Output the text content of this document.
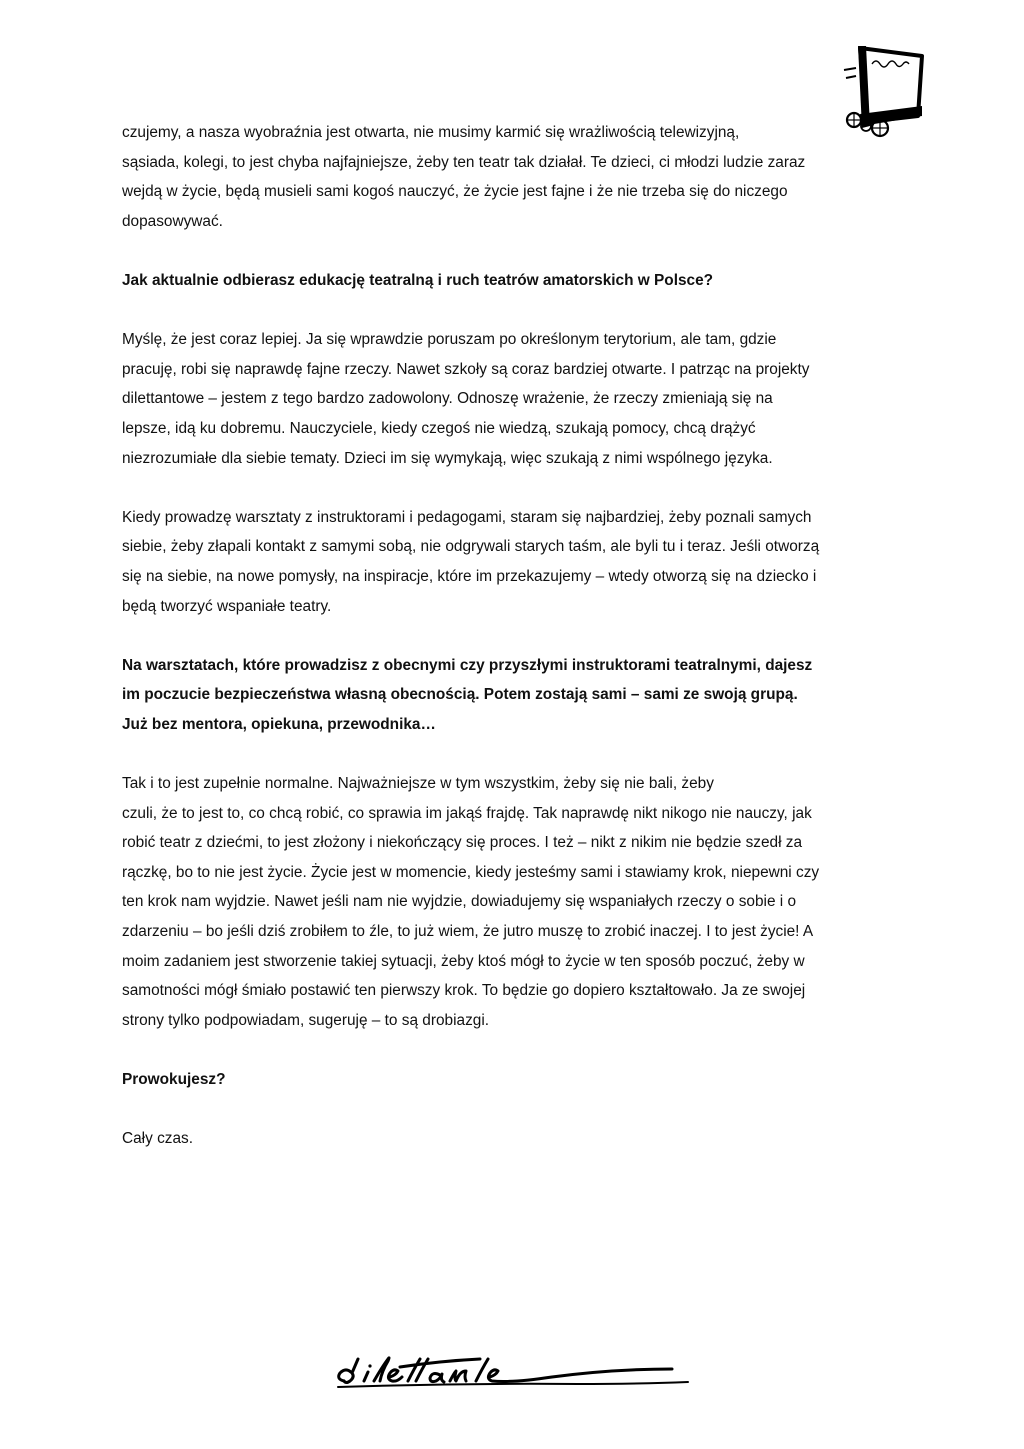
czujemy, a nasza wyobraźnia jest otwarta, nie musimy karmić się wrażliwością telewizyjną,
sąsiada, kolegi, to jest chyba najfajniejsze, żeby ten teatr tak działał. Te dzieci, ci młodzi ludzie zaraz
wejdą w życie, będą musieli sami kogoś nauczyć, że życie jest fajne i że nie trzeba się do niczego
dopasowywać.
Jak aktualnie odbierasz edukację teatralną i ruch teatrów amatorskich w Polsce?
Myślę, że jest coraz lepiej. Ja się wprawdzie poruszam po określonym terytorium, ale tam, gdzie
pracuję, robi się naprawdę fajne rzeczy. Nawet szkoły są coraz bardziej otwarte. I patrząc na projekty
dilettantowe – jestem z tego bardzo zadowolony. Odnoszę wrażenie, że rzeczy zmieniają się na
lepsze, idą ku dobremu. Nauczyciele, kiedy czegoś nie wiedzą, szukają pomocy, chcą drążyć
niezrozumiałe dla siebie tematy. Dzieci im się wymykają, więc szukają z nimi wspólnego języka.
Kiedy prowadzę warsztaty z instruktorami i pedagogami, staram się najbardziej, żeby poznali samych
siebie, żeby złapali kontakt z samymi sobą, nie odgrywali starych taśm, ale byli tu i teraz. Jeśli otworzą
się na siebie, na nowe pomysły, na inspiracje, które im przekazujemy – wtedy otworzą się na dziecko i
będą tworzyć wspaniałe teatry.
Na warsztatach, które prowadzisz z obecnymi czy przyszłymi instruktorami teatralnymi, dajesz
im poczucie bezpieczeństwa własną obecnością. Potem zostają sami – sami ze swoją grupą.
Już bez mentora, opiekuna, przewodnika…
Tak i to jest zupełnie normalne. Najważniejsze w tym wszystkim, żeby się nie bali, żeby
czuli, że to jest to, co chcą robić, co sprawia im jakąś frajdę. Tak naprawdę nikt nikogo nie nauczy, jak
robić teatr z dziećmi, to jest złożony i niekończący się proces. I też – nikt z nikim nie będzie szedł za
rączkę, bo to nie jest życie. Życie jest w momencie, kiedy jesteśmy sami i stawiamy krok, niepewni czy
ten krok nam wyjdzie. Nawet jeśli nam nie wyjdzie, dowiadujemy się wspaniałych rzeczy o sobie i o
zdarzeniu – bo jeśli dziś zrobiłem to źle, to już wiem, że jutro muszę to zrobić inaczej. I to jest życie! A
moim zadaniem jest stworzenie takiej sytuacji, żeby ktoś mógł to życie w ten sposób poczuć, żeby w
samotności mógł śmiało postawić ten pierwszy krok. To będzie go dopiero kształtowało. Ja ze swojej
strony tylko podpowiadam, sugeruję – to są drobiazgi.
Prowokujesz?
Cały czas.
